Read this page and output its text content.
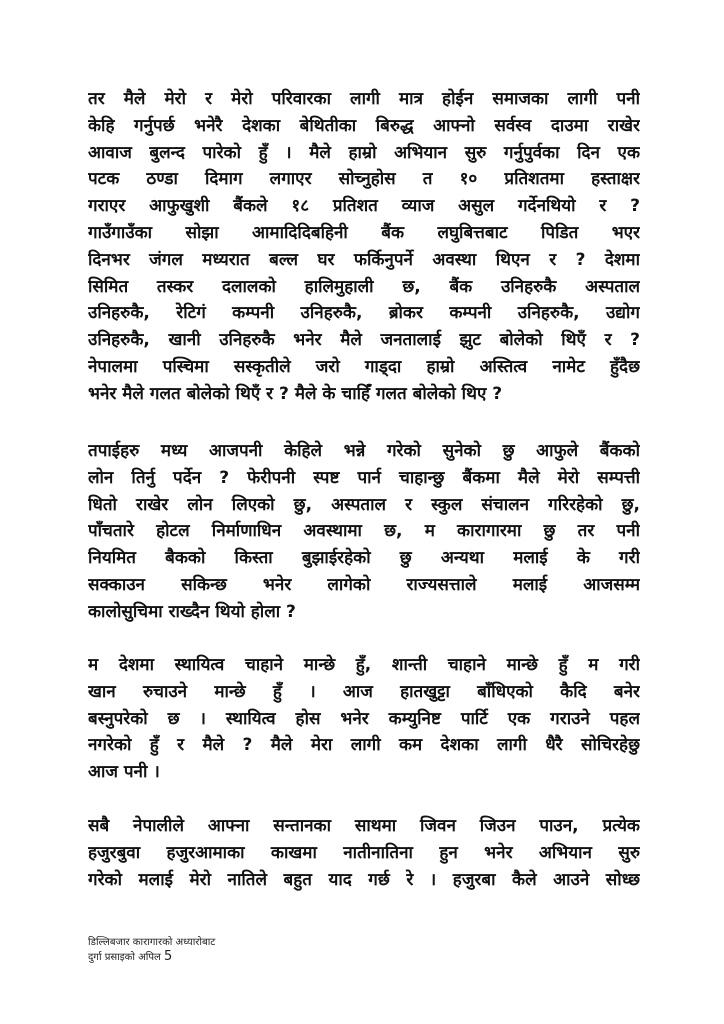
तर मैले मेरो र मेरो परिवारका लागी मात्र होईन समाजका लागी पनी
केहि गर्नुपर्छ भनेरै देशका बेथितीका बिरुद्ध आफ्नो सर्वस्व दाउमा राखेर
आवाज बुलन्द पारेको हुँ । मैले हाम्रो अभियान सुरु गर्नुपुर्वका दिन एक
पटक ठण्डा दिमाग लगाएर सोच्नुहोस त १० प्रतिशतमा हस्ताक्षर
गराएर आफुखुशी बैंकले १८ प्रतिशत व्याज असुल गर्देनथियो र ?
गाउँगाउँका सोझा आमादिदिबहिनी बैंक लघुबित्तबाट पिडित भएर
दिनभर जंगल मध्यरात बल्ल घर फर्किनुपर्ने अवस्था थिएन र ? देशमा
सिमित तस्कर दलालको हालिमुहाली छ, बैंक उनिहरुकै अस्पताल
उनिहरुकै, रेटिगं कम्पनी उनिहरुकै, ब्रोकर कम्पनी उनिहरुकै, उद्योग
उनिहरुकै, खानी उनिहरुकै भनेर मैले जनतालाई झुट बोलेको थिएँ र ?
नेपालमा पस्चिमा सस्कृतीले जरो गाड्दा हाम्रो अस्तित्व नामेट हुँदैछ
भनेर मैले गलत बोलेको थिएँ र ? मैले के चाहिँ गलत बोलेको थिए ?
तपाईहरु मध्य आजपनी केहिले भन्ने गरेको सुनेको छु आफुले बैंकको
लोन तिर्नु पर्देन ? फेरीपनी स्पष्ट पार्न चाहान्छु बैंकमा मैले मेरो सम्पत्ती
धितो राखेर लोन लिएको छु, अस्पताल र स्कुल संचालन गरिरहेको छु,
पाँचतारे होटल निर्माणाधिन अवस्थामा छ, म कारागारमा छु तर पनी
नियमित बैकको किस्ता बुझाईरहेको छु अन्यथा मलाई के गरी
सक्काउन सकिन्छ भनेर लागेको राज्यसत्ताले मलाई आजसम्म
कालोसुचिमा राख्दैन थियो होला ?
म देशमा स्थायित्व चाहाने मान्छे हुँ, शान्ती चाहाने मान्छे हुँ म गरी
खान रुचाउने मान्छे हुँ । आज हातखुट्टा बाँधिएको कैदि बनेर
बस्नुपरेको छ । स्थायित्व होस भनेर कम्युनिष्ट पार्टि एक गराउने पहल
नगरेको हुँ र मैले ? मैले मेरा लागी कम देशका लागी धैरै सोचिरहेछु
आज पनी ।
सबै नेपालीले आफ्ना सन्तानका साथमा जिवन जिउन पाउन, प्रत्येक
हजुरबुवा हजुरआमाका काखमा नातीनातिना हुन भनेर अभियान सुरु
गरेको मलाई मेरो नातिले बहुत याद गर्छ रे । हजुरबा कैले आउने सोध्छ
डिल्लिबजार कारागारको अध्यारोबाट
दुर्गा प्रसाइको अपिल 5
